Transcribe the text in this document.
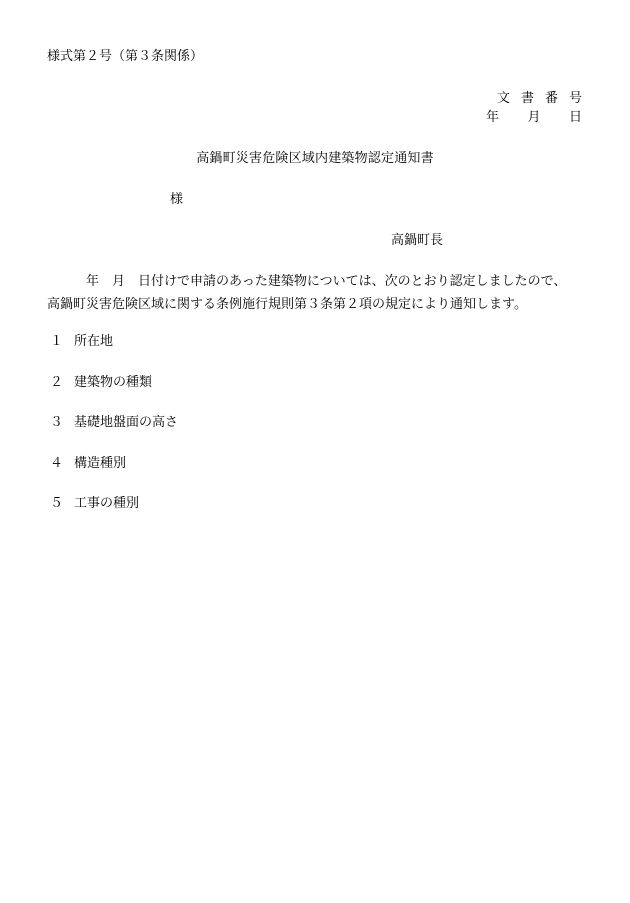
様式第２号（第３条関係）
文書番号
年 月 日
高鍋町災害危険区域内建築物認定通知書
様
高鍋町長
　　　年　月　日付けで申請のあった建築物については、次のとおり認定しましたので、
高鍋町災害危険区域に関する条例施行規則第３条第２項の規定により通知します。
１ 所在地
２ 建築物の種類
３ 基礎地盤面の高さ
４ 構造種別
５ 工事の種別
